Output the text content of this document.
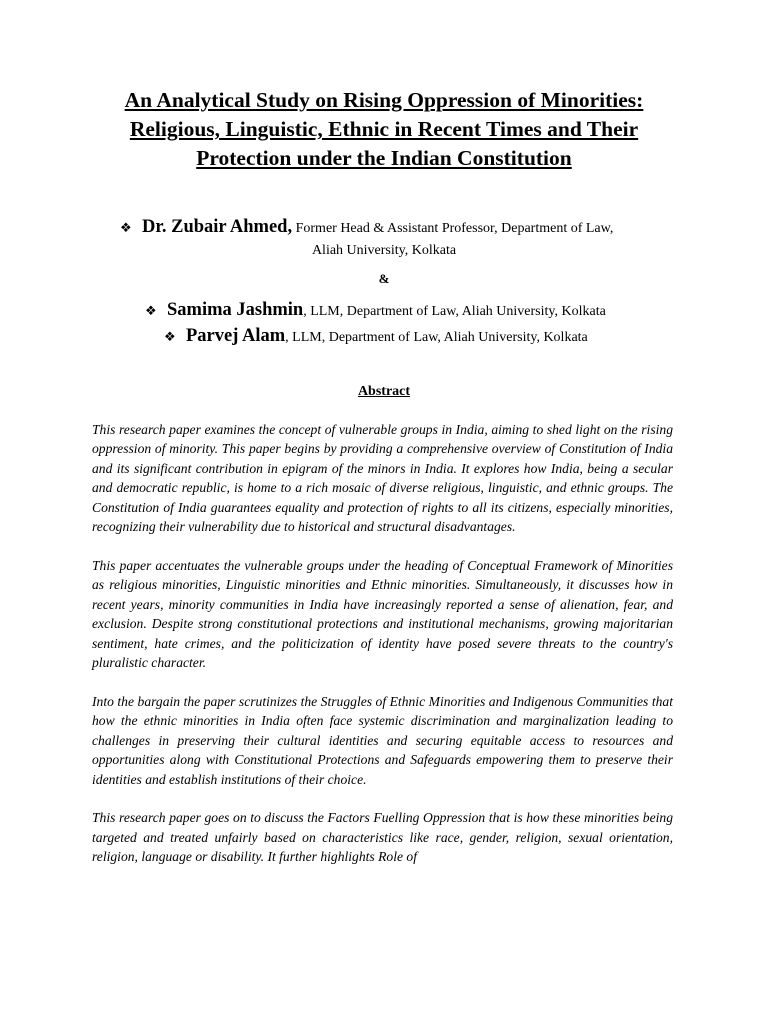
An Analytical Study on Rising Oppression of Minorities: Religious, Linguistic, Ethnic in Recent Times and Their Protection under the Indian Constitution
❖ Dr. Zubair Ahmed, Former Head & Assistant Professor, Department of Law,
Aliah University, Kolkata
&
❖ Samima Jashmin, LLM, Department of Law, Aliah University, Kolkata
❖ Parvej Alam, LLM, Department of Law, Aliah University, Kolkata
Abstract

This research paper examines the concept of vulnerable groups in India, aiming to shed light on the rising oppression of minority. This paper begins by providing a comprehensive overview of Constitution of India and its significant contribution in epigram of the minors in India. It explores how India, being a secular and democratic republic, is home to a rich mosaic of diverse religious, linguistic, and ethnic groups. The Constitution of India guarantees equality and protection of rights to all its citizens, especially minorities, recognizing their vulnerability due to historical and structural disadvantages.

This paper accentuates the vulnerable groups under the heading of Conceptual Framework of Minorities as religious minorities, Linguistic minorities and Ethnic minorities. Simultaneously, it discusses how in recent years, minority communities in India have increasingly reported a sense of alienation, fear, and exclusion. Despite strong constitutional protections and institutional mechanisms, growing majoritarian sentiment, hate crimes, and the politicization of identity have posed severe threats to the country's pluralistic character.

Into the bargain the paper scrutinizes the Struggles of Ethnic Minorities and Indigenous Communities that how the ethnic minorities in India often face systemic discrimination and marginalization leading to challenges in preserving their cultural identities and securing equitable access to resources and opportunities along with Constitutional Protections and Safeguards empowering them to preserve their identities and establish institutions of their choice.

This research paper goes on to discuss the Factors Fuelling Oppression that is how these minorities being targeted and treated unfairly based on characteristics like race, gender, religion, sexual orientation, religion, language or disability. It further highlights Role of
